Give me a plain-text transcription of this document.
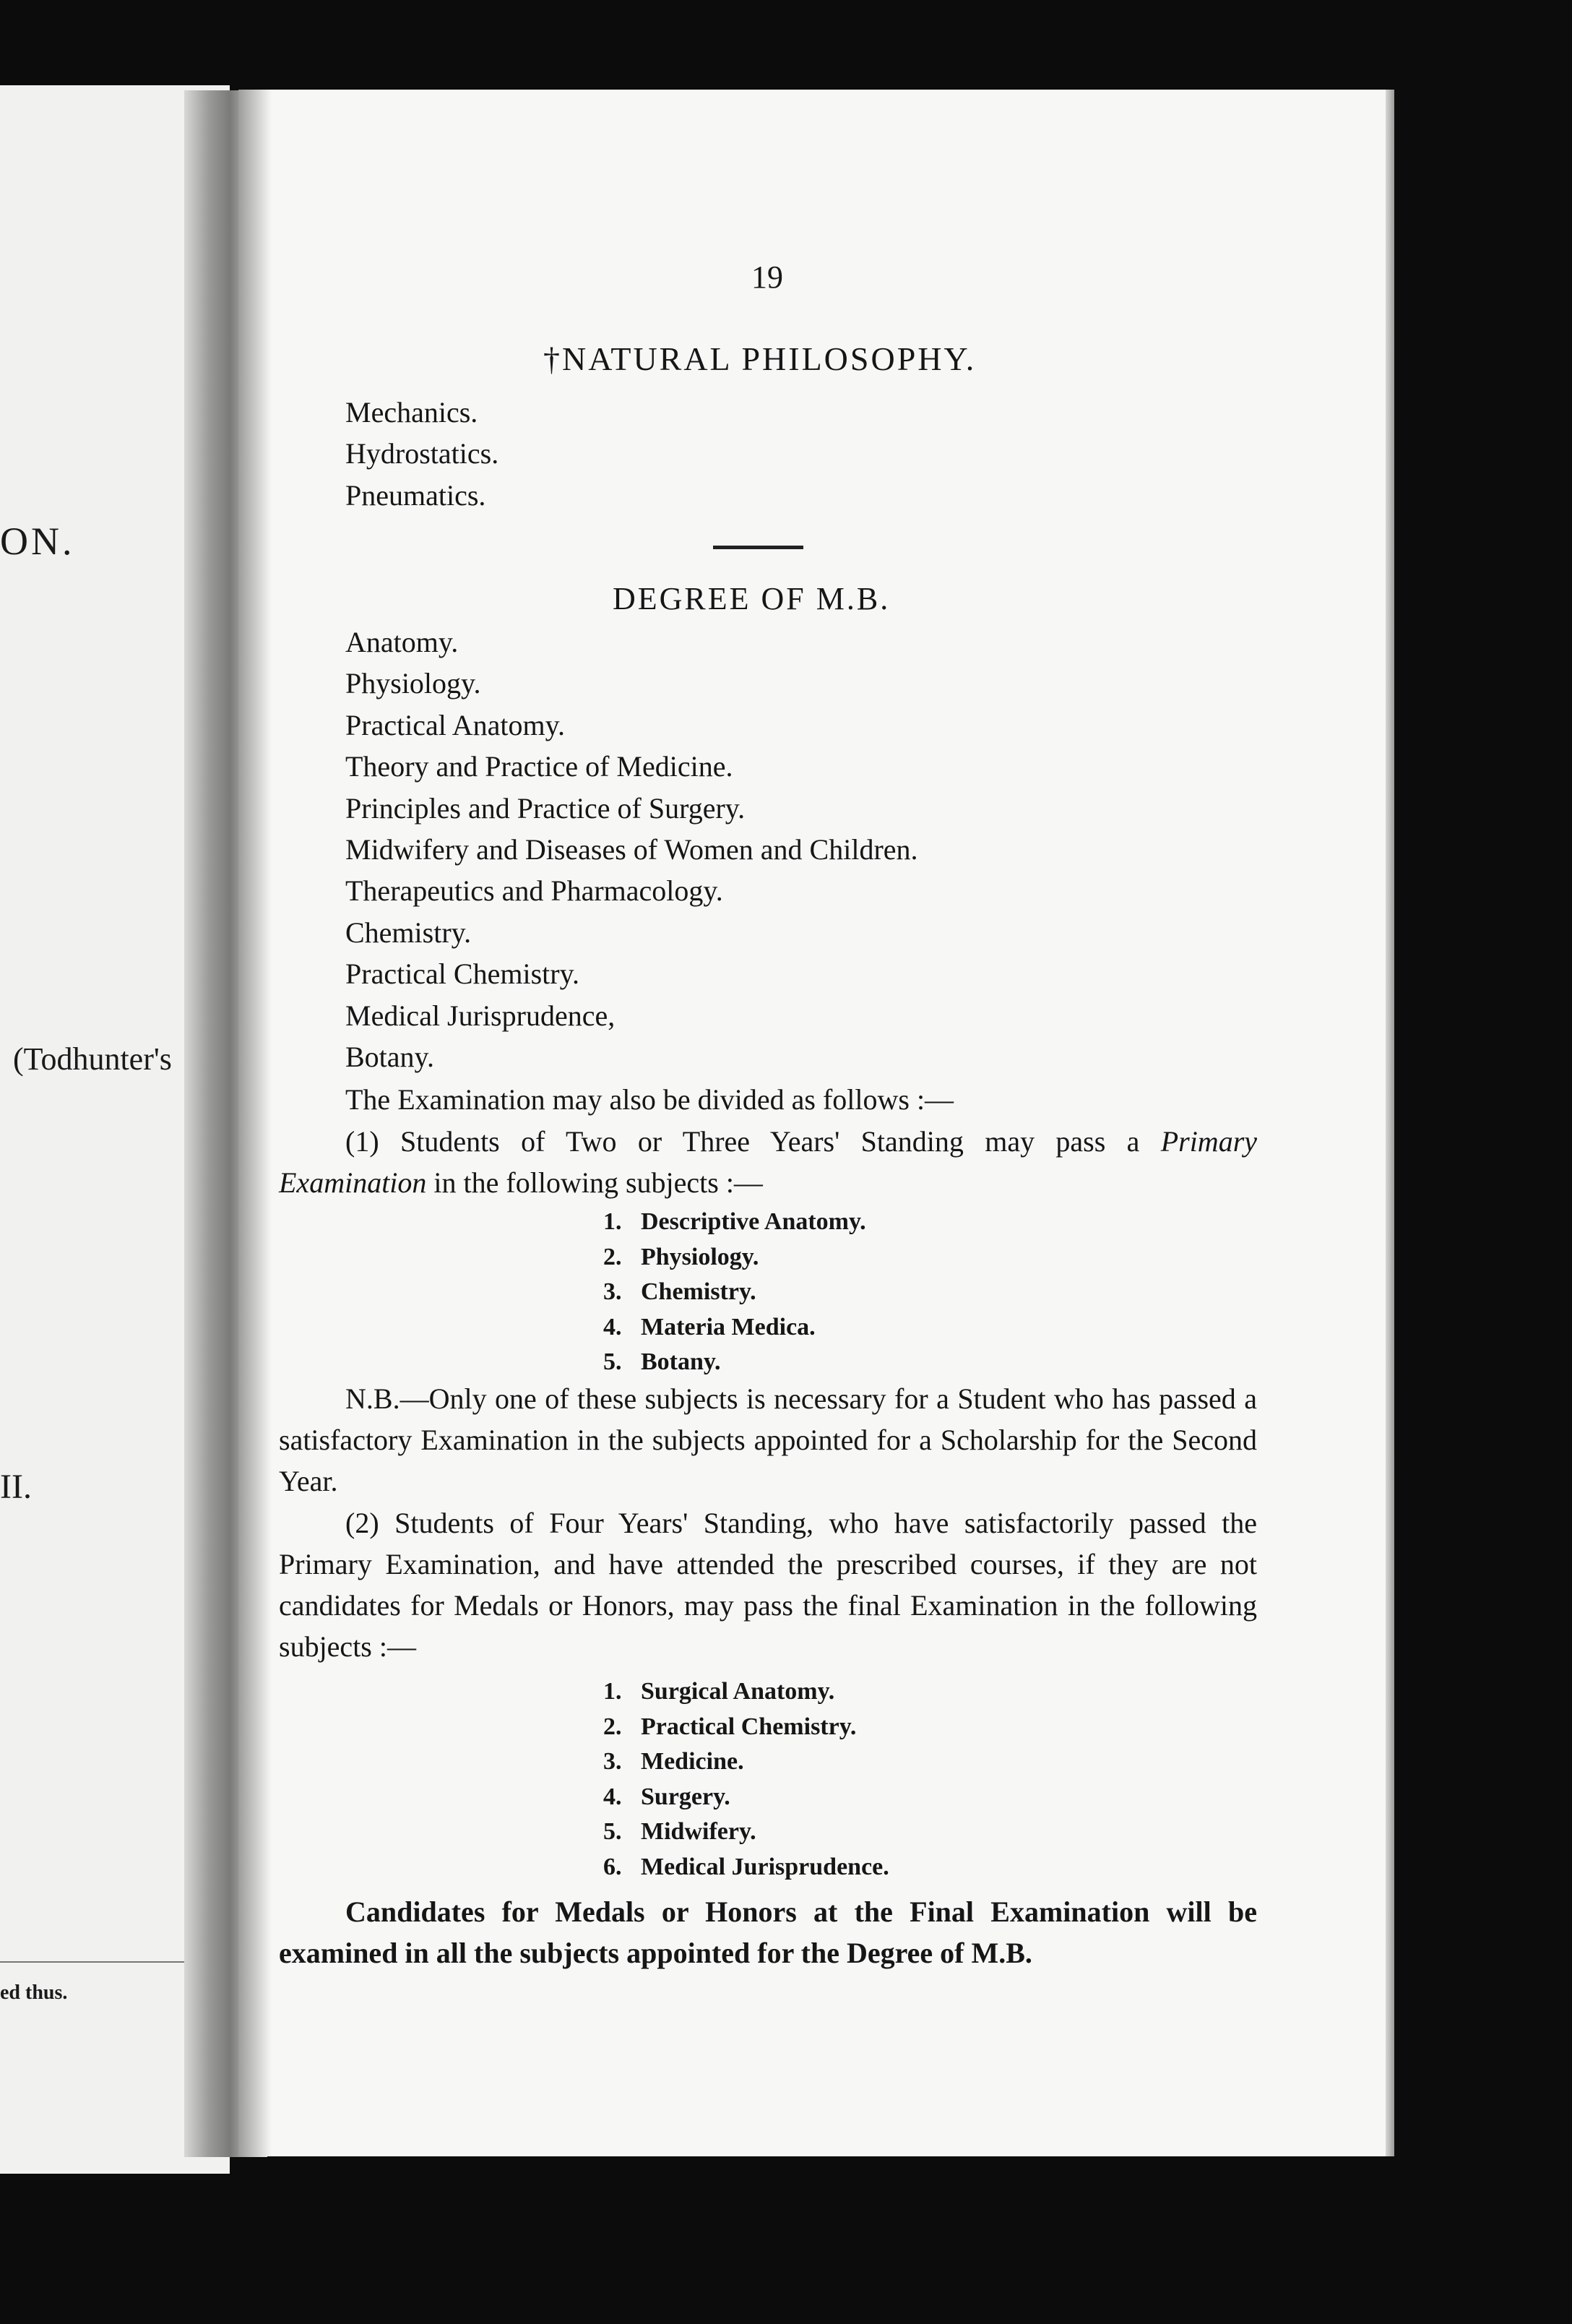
ON.
(Todhunter's
II.
ed thus.
19
†NATURAL PHILOSOPHY.
Mechanics.
Hydrostatics.
Pneumatics.
DEGREE OF M.B.
Anatomy.
Physiology.
Practical Anatomy.
Theory and Practice of Medicine.
Principles and Practice of Surgery.
Midwifery and Diseases of Women and Children.
Therapeutics and Pharmacology.
Chemistry.
Practical Chemistry.
Medical Jurisprudence,
Botany.

The Examination may also be divided as follows :—

(1) Students of Two or Three Years' Standing may pass a Primary Examination in the following subjects :—

1. Descriptive Anatomy.
2. Physiology.
3. Chemistry.
4. Materia Medica.
5. Botany.

N.B.—Only one of these subjects is necessary for a Student who has passed a satisfactory Examination in the subjects appointed for a Scholarship for the Second Year.

(2) Students of Four Years' Standing, who have satisfactorily passed the Primary Examination, and have attended the prescribed courses, if they are not candidates for Medals or Honors, may pass the final Examination in the following subjects :—

1. Surgical Anatomy.
2. Practical Chemistry.
3. Medicine.
4. Surgery.
5. Midwifery.
6. Medical Jurisprudence.

Candidates for Medals or Honors at the Final Examination will be examined in all the subjects appointed for the Degree of M.B.
